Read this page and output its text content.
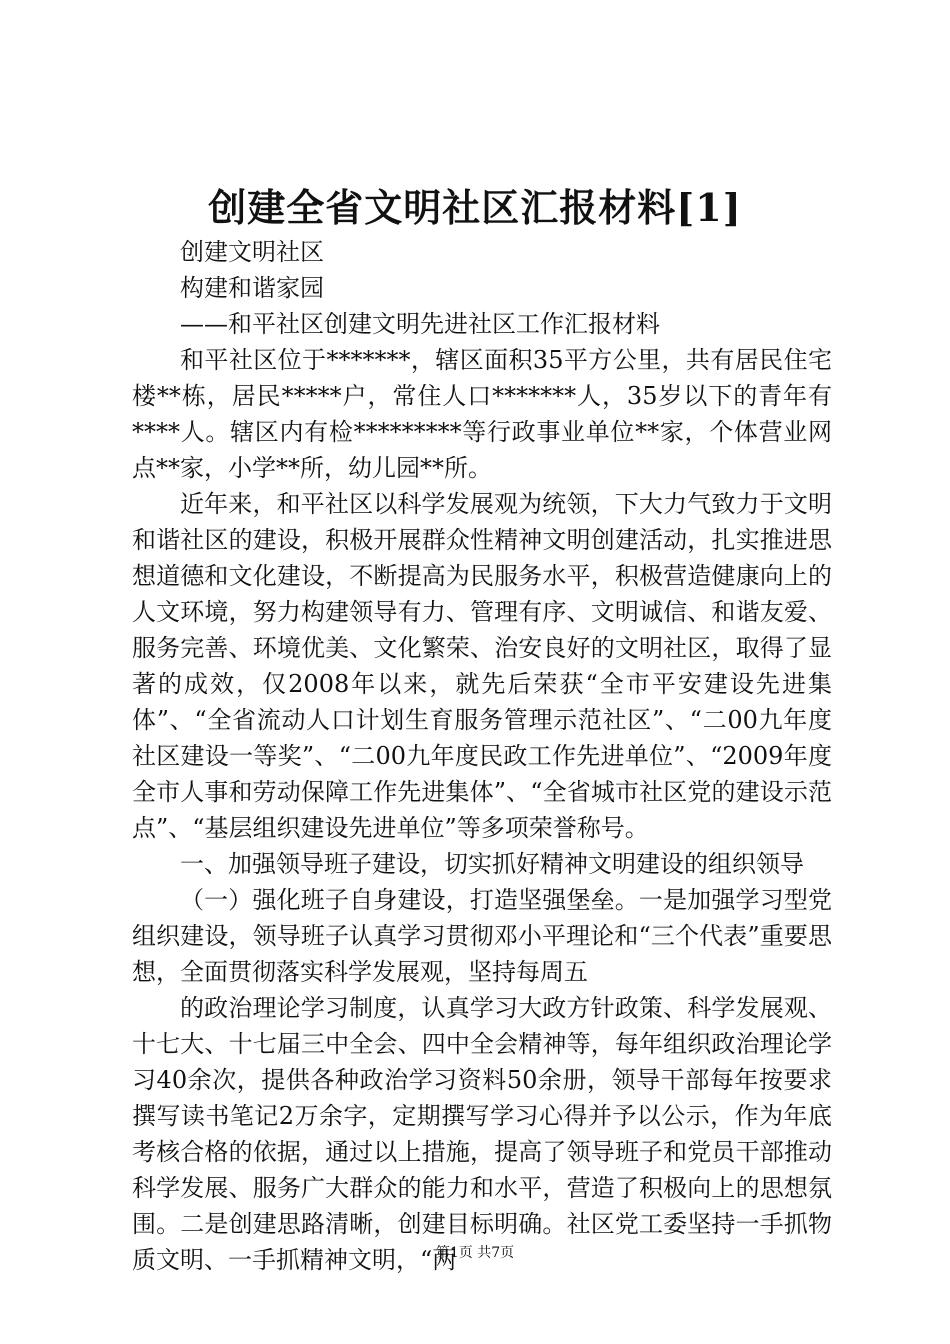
创建全省文明社区汇报材料[1]

创建文明社区

构建和谐家园

——和平社区创建文明先进社区工作汇报材料

和平社区位于*******，辖区面积35平方公里，共有居民住宅楼**栋，居民*****户，常住人口*******人，35岁以下的青年有****人。辖区内有检*********等行政事业单位**家，个体营业网点**家，小学**所，幼儿园**所。

近年来，和平社区以科学发展观为统领，下大力气致力于文明和谐社区的建设，积极开展群众性精神文明创建活动，扎实推进思想道德和文化建设，不断提高为民服务水平，积极营造健康向上的人文环境，努力构建领导有力、管理有序、文明诚信、和谐友爱、服务完善、环境优美、文化繁荣、治安良好的文明社区，取得了显著的成效，仅2008年以来，就先后荣获“全市平安建设先进集体”、“全省流动人口计划生育服务管理示范社区”、“二00九年度社区建设一等奖”、“二00九年度民政工作先进单位”、“2009年度全市人事和劳动保障工作先进集体”、“全省城市社区党的建设示范点”、“基层组织建设先进单位”等多项荣誉称号。

一、加强领导班子建设，切实抓好精神文明建设的组织领导

（一）强化班子自身建设，打造坚强堡垒。一是加强学习型党组织建设，领导班子认真学习贯彻邓小平理论和“三个代表”重要思想，全面贯彻落实科学发展观，坚持每周五

的政治理论学习制度，认真学习大政方针政策、科学发展观、十七大、十七届三中全会、四中全会精神等，每年组织政治理论学习40余次，提供各种政治学习资料50余册，领导干部每年按要求撰写读书笔记2万余字，定期撰写学习心得并予以公示，作为年底考核合格的依据，通过以上措施，提高了领导班子和党员干部推动科学发展、服务广大群众的能力和水平，营造了积极向上的思想氛围。二是创建思路清晰，创建目标明确。社区党工委坚持一手抓物质文明、一手抓精神文明，“两

第1页 共7页
